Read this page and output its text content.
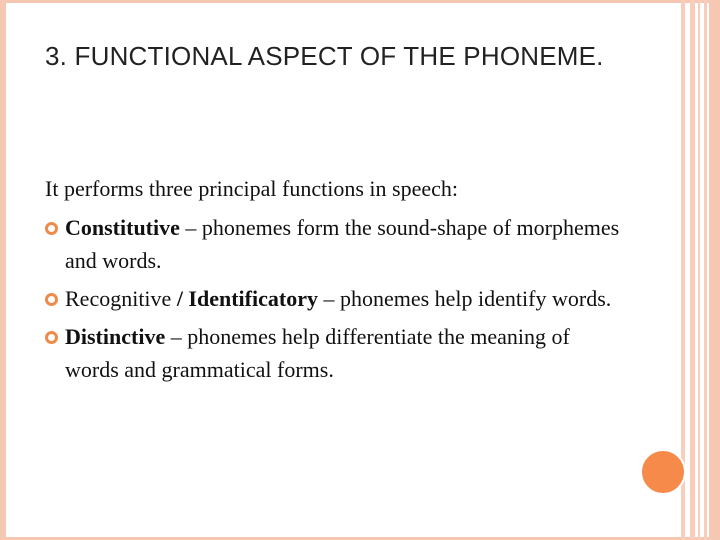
3. FUNCTIONAL ASPECT OF THE PHONEME.

It performs three principal functions in speech:

Constitutive – phonemes form the sound-shape of morphemes and words.
Recognitive / Identificatory – phonemes help identify words.
Distinctive – phonemes help differentiate the meaning of words and grammatical forms.
